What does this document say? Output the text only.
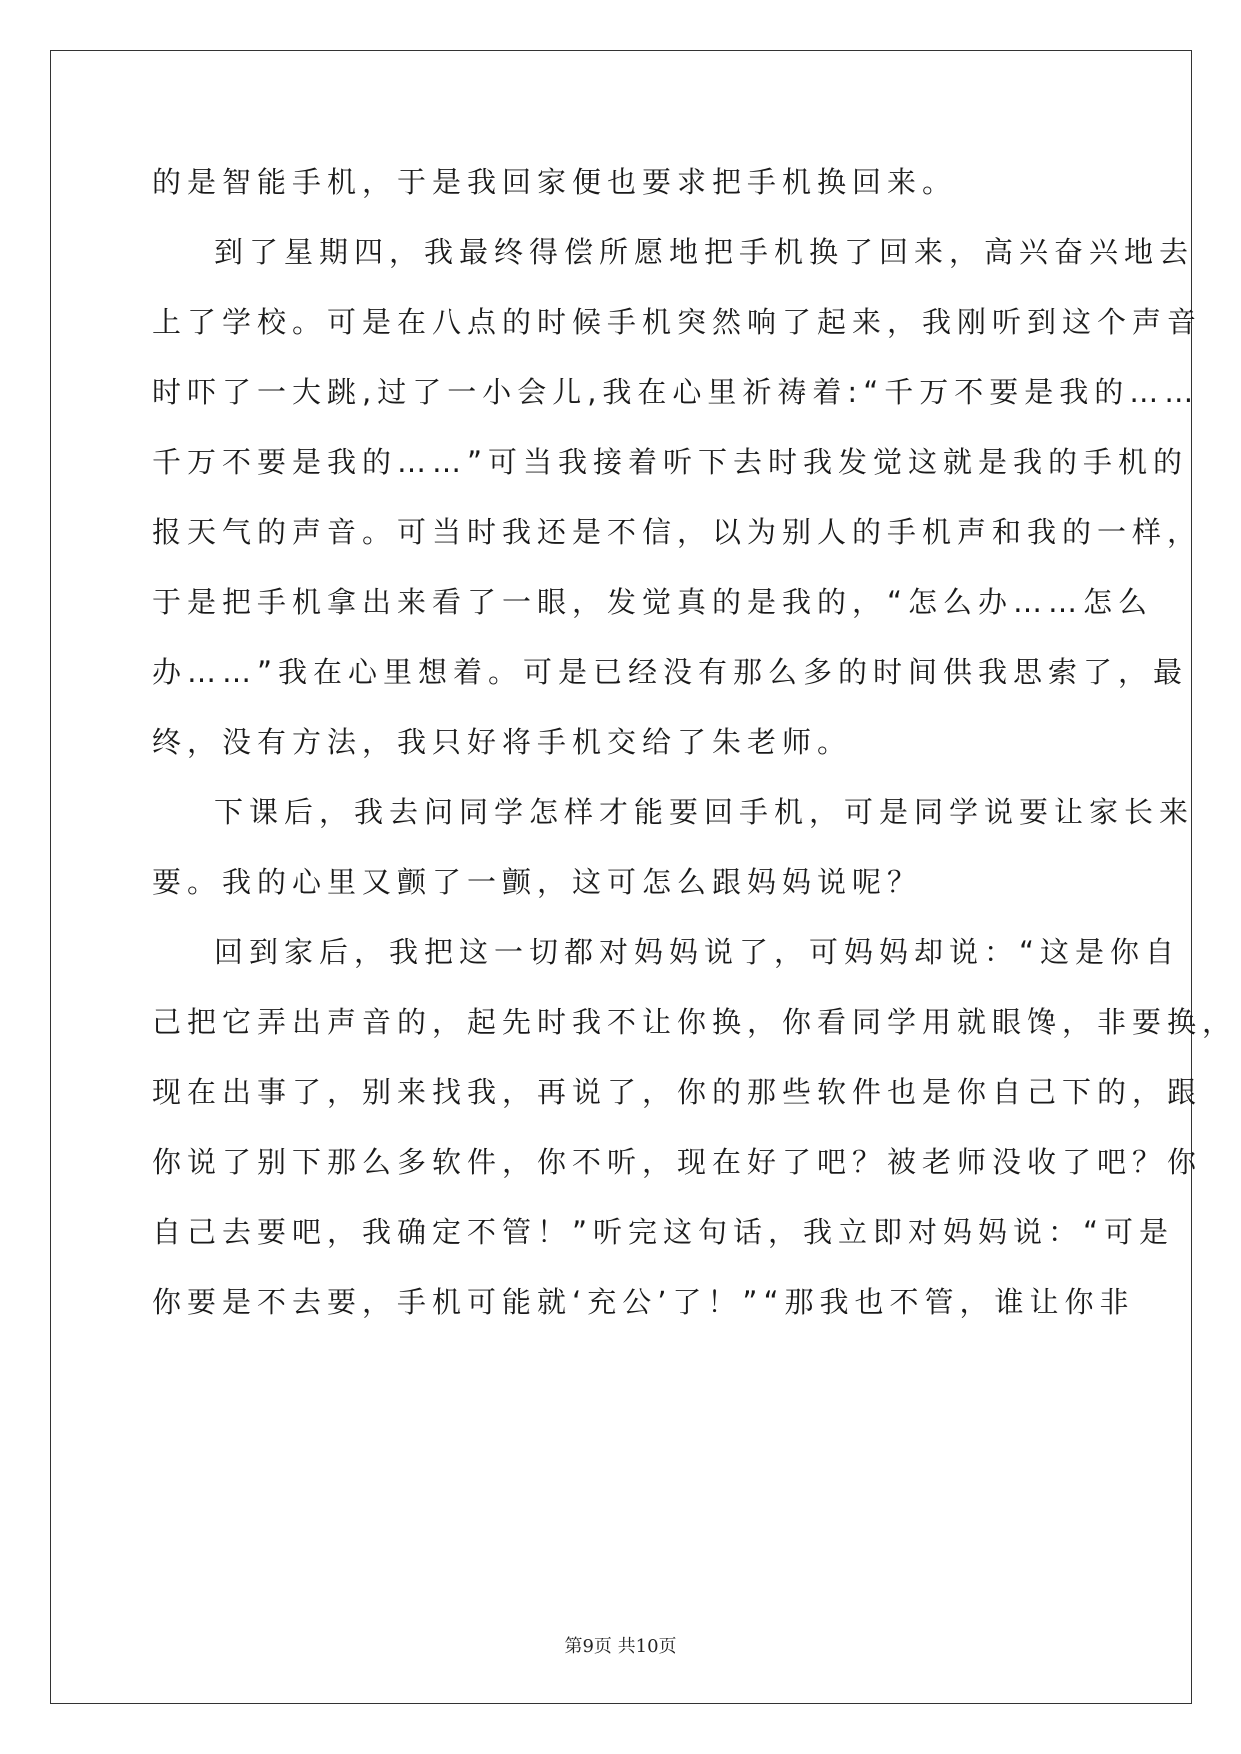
的是智能手机，于是我回家便也要求把手机换回来。
到了星期四，我最终得偿所愿地把手机换了回来，高兴奋兴地去
上了学校。可是在八点的时候手机突然响了起来，我刚听到这个声音
时吓了一大跳,过了一小会儿,我在心里祈祷着:“千万不要是我的……
千万不要是我的……”可当我接着听下去时我发觉这就是我的手机的
报天气的声音。可当时我还是不信，以为别人的手机声和我的一样，
于是把手机拿出来看了一眼，发觉真的是我的，“怎么办……怎么
办……”我在心里想着。可是已经没有那么多的时间供我思索了，最
终，没有方法，我只好将手机交给了朱老师。
下课后，我去问同学怎样才能要回手机，可是同学说要让家长来
要。我的心里又颤了一颤，这可怎么跟妈妈说呢？
回到家后，我把这一切都对妈妈说了，可妈妈却说：“这是你自
己把它弄出声音的，起先时我不让你换，你看同学用就眼馋，非要换，
现在出事了，别来找我，再说了，你的那些软件也是你自己下的，跟
你说了别下那么多软件，你不听，现在好了吧？被老师没收了吧？你
自己去要吧，我确定不管！”听完这句话，我立即对妈妈说：“可是
你要是不去要，手机可能就‘充公’了！”“那我也不管，谁让你非
第9页 共10页
